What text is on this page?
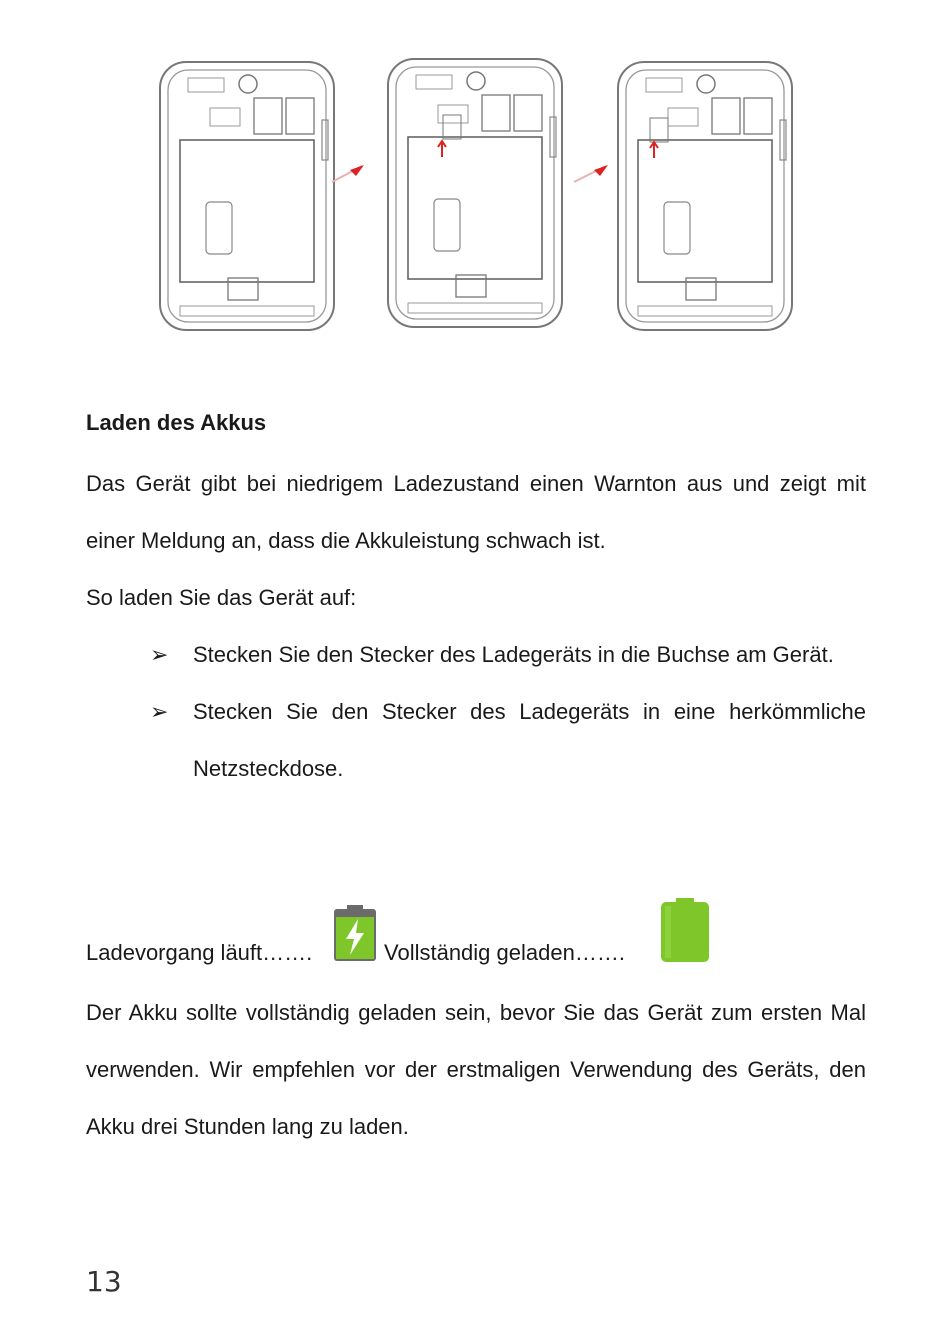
Laden des Akkus
Das Gerät gibt bei niedrigem Ladezustand einen Warnton aus und zeigt mit einer Meldung an, dass die Akkuleistung schwach ist.
So laden Sie das Gerät auf:
➢ Stecken Sie den Stecker des Ladegeräts in die Buchse am Gerät.
➢ Stecken Sie den Stecker des Ladegeräts in eine herkömmliche Netzsteckdose.
Ladevorgang läuft…….	Vollständig geladen…….
Der Akku sollte vollständig geladen sein, bevor Sie das Gerät zum ersten Mal verwenden. Wir empfehlen vor der erstmaligen Verwendung des Geräts, den Akku drei Stunden lang zu laden.
13
